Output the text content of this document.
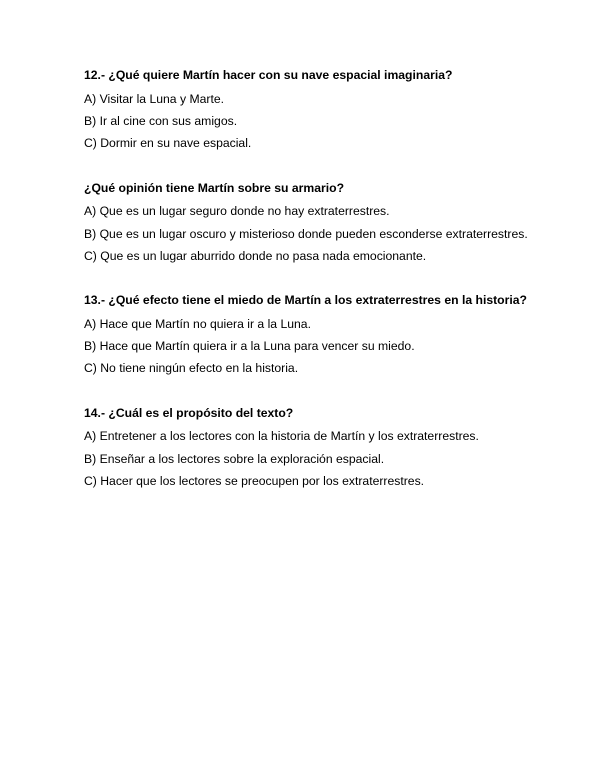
12.- ¿Qué quiere Martín hacer con su nave espacial imaginaria?

A) Visitar la Luna y Marte.

B) Ir al cine con sus amigos.

C) Dormir en su nave espacial.

¿Qué opinión tiene Martín sobre su armario?

A) Que es un lugar seguro donde no hay extraterrestres.

B) Que es un lugar oscuro y misterioso donde pueden esconderse extraterrestres.

C) Que es un lugar aburrido donde no pasa nada emocionante.

13.- ¿Qué efecto tiene el miedo de Martín a los extraterrestres en la historia?

A) Hace que Martín no quiera ir a la Luna.

B) Hace que Martín quiera ir a la Luna para vencer su miedo.

C) No tiene ningún efecto en la historia.

14.- ¿Cuál es el propósito del texto?

A) Entretener a los lectores con la historia de Martín y los extraterrestres.

B) Enseñar a los lectores sobre la exploración espacial.

C) Hacer que los lectores se preocupen por los extraterrestres.
